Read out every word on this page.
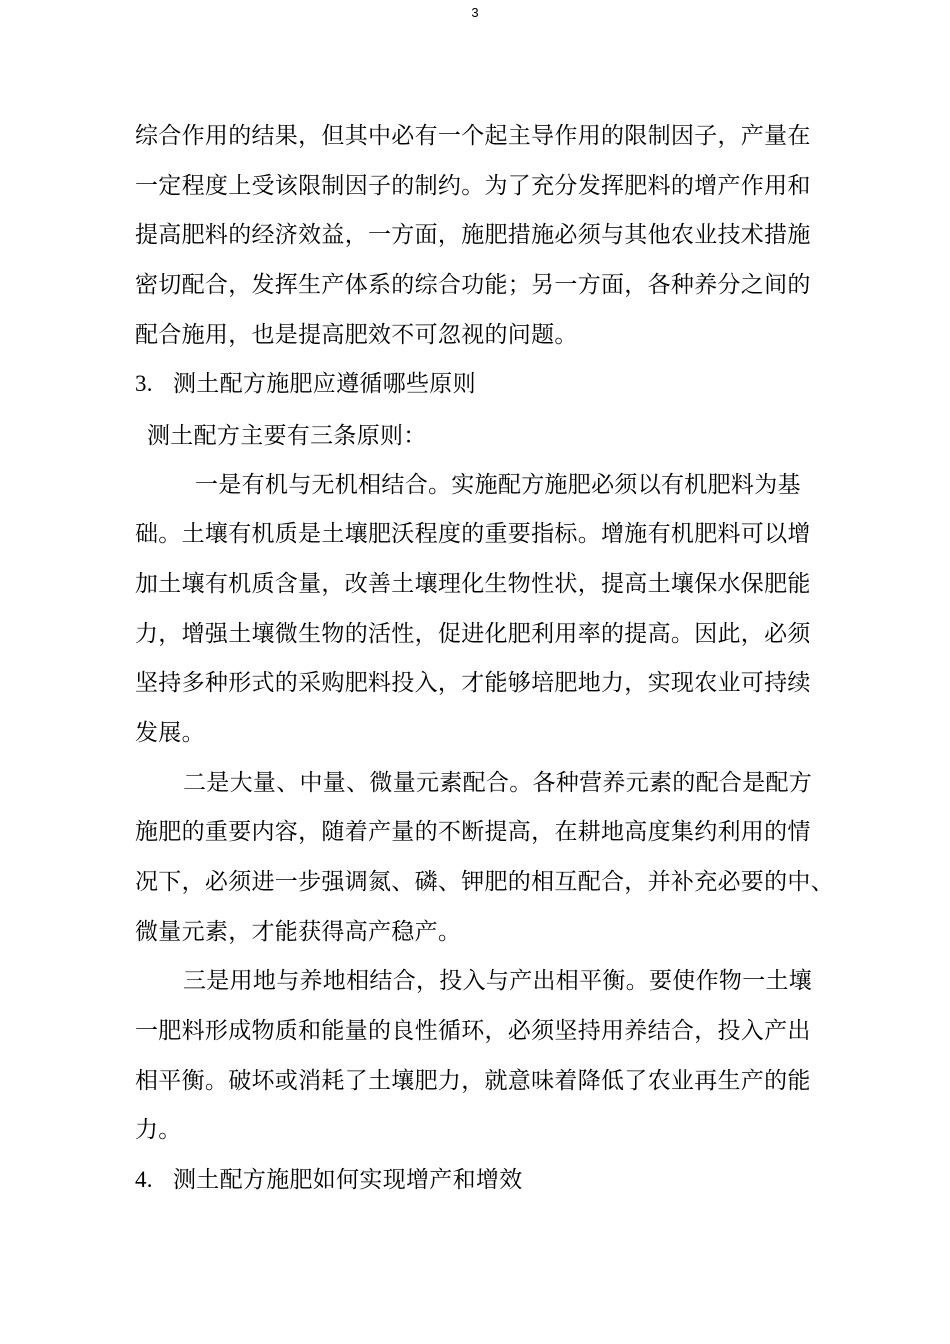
3
综合作用的结果，但其中必有一个起主导作用的限制因子，产量在
一定程度上受该限制因子的制约。为了充分发挥肥料的增产作用和
提高肥料的经济效益，一方面，施肥措施必须与其他农业技术措施
密切配合，发挥生产体系的综合功能；另一方面，各种养分之间的
配合施用，也是提高肥效不可忽视的问题。
3. 测土配方施肥应遵循哪些原则
测土配方主要有三条原则：
一是有机与无机相结合。实施配方施肥必须以有机肥料为基
础。土壤有机质是土壤肥沃程度的重要指标。增施有机肥料可以增
加土壤有机质含量，改善土壤理化生物性状，提高土壤保水保肥能
力，增强土壤微生物的活性，促进化肥利用率的提高。因此，必须
坚持多种形式的采购肥料投入，才能够培肥地力，实现农业可持续
发展。
二是大量、中量、微量元素配合。各种营养元素的配合是配方
施肥的重要内容，随着产量的不断提高，在耕地高度集约利用的情
况下，必须进一步强调氮、磷、钾肥的相互配合，并补充必要的中、
微量元素，才能获得高产稳产。
三是用地与养地相结合，投入与产出相平衡。要使作物一土壤
一肥料形成物质和能量的良性循环，必须坚持用养结合，投入产出
相平衡。破坏或消耗了土壤肥力，就意味着降低了农业再生产的能
力。
4. 测土配方施肥如何实现增产和增效
